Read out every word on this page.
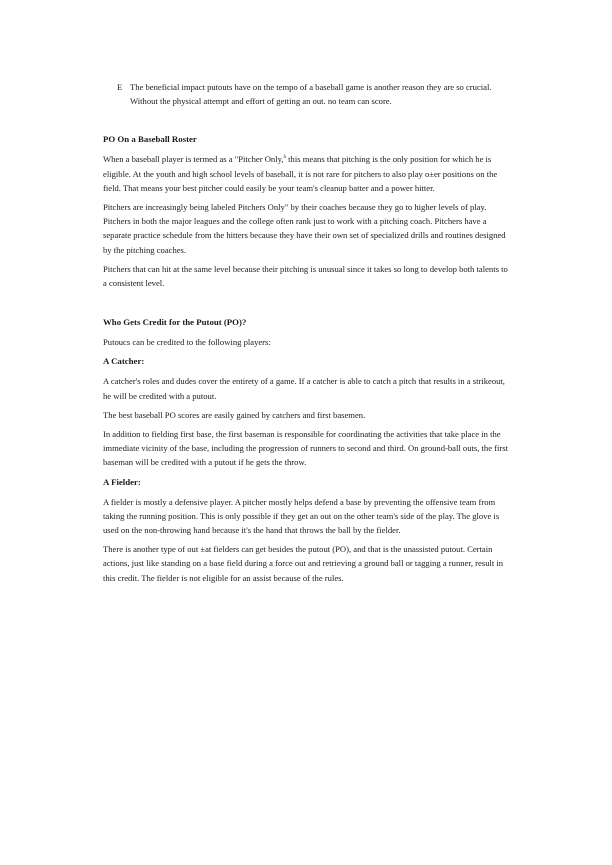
E The beneficial impact putouts have on the tempo of a baseball game is another reason they are so crucial. Without the physical attempt and effort of getting an out. no team can score.
PO On a Baseball Roster

When a baseball player is termed as a "Pitcher Only,$^h$ this means that pitching is the only position for which he is eligible. At the youth and high school levels of baseball, it is not rare for pitchers to also play o±er positions on the field. That means your best pitcher could easily be your team's cleanup batter and a power hitter.

Pitchers are increasingly being labeled Pitchers Only" by their coaches because they go to higher levels of play. Pitchers in both the major leagues and the college often rank just to work with a pitching coach. Pitchers have a separate practice schedule from the hitters because they have their own set of specialized drills and routines designed by the pitching coaches.

Pitchers that can hit at the same level because their pitching is unusual since it takes so long to develop both talents to a consistent level.

Who Gets Credit for the Putout (PO)?

Putoucs can be credited to the following players:

A Catcher:

A catcher's roles and dudes cover the entirety of a game. If a catcher is able to catch a pitch that results in a strikeout, he will be credited with a putout.

The best baseball PO scores are easily gained by catchers and first basemen.

In addition to fielding first base, the first baseman is responsible for coordinating the activities that take place in the immediate vicinity of the base, including the progression of runners to second and third. On ground-ball outs, the first baseman will be credited with a putout if he gets the throw.

A Fielder:

A fielder is mostly a defensive player. A pitcher mostly helps defend a base by preventing the offensive team from taking the running position. This is only possible if they get an out on the other team's side of the play. The glove is used on the non-throwing hand because it's the hand that throws the ball by the fielder.

There is another type of out ±at fielders can get besides the putout (PO), and that is the unassisted putout. Certain actions, just like standing on a base field during a force out and retrieving a ground ball or tagging a runner, result in this credit. The fielder is not eligible for an assist because of the rules.
